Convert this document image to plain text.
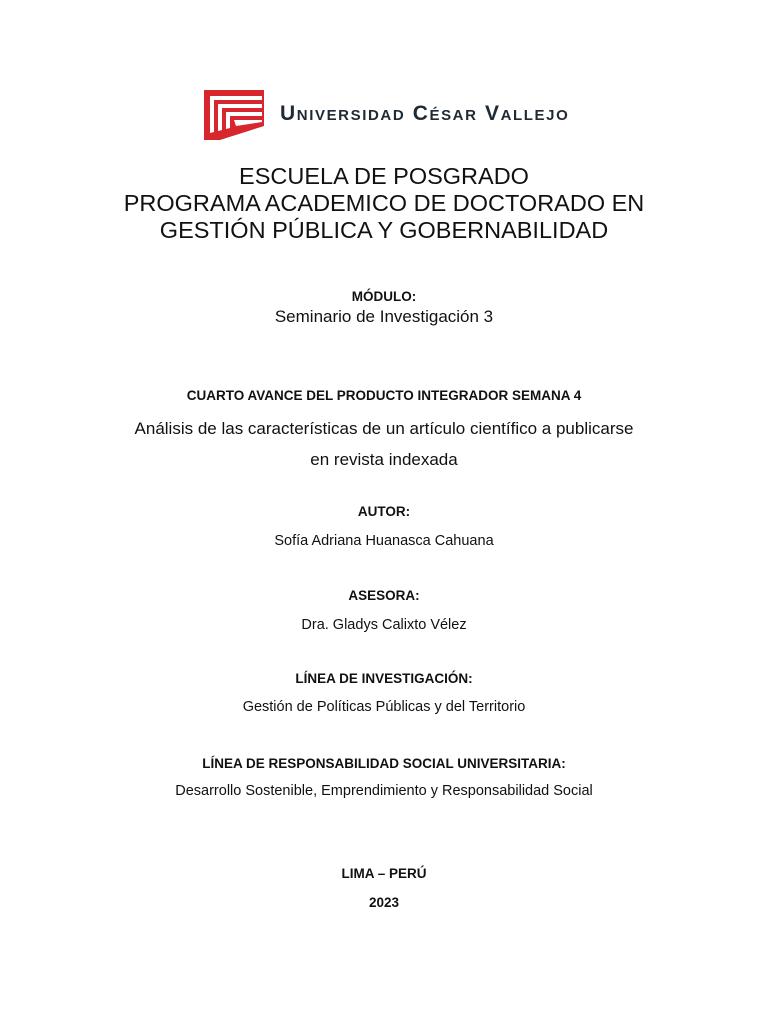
Universidad César Vallejo
ESCUELA DE POSGRADO
PROGRAMA ACADEMICO DE DOCTORADO EN
GESTIÓN PÚBLICA Y GOBERNABILIDAD
MÓDULO:
Seminario de Investigación 3
CUARTO AVANCE DEL PRODUCTO INTEGRADOR SEMANA 4
Análisis de las características de un artículo científico a publicarse
en revista indexada
AUTOR:
Sofía Adriana Huanasca Cahuana
ASESORA:
Dra. Gladys Calixto Vélez
LÍNEA DE INVESTIGACIÓN:
Gestión de Políticas Públicas y del Territorio
LÍNEA DE RESPONSABILIDAD SOCIAL UNIVERSITARIA:
Desarrollo Sostenible, Emprendimiento y Responsabilidad Social
LIMA – PERÚ
2023
